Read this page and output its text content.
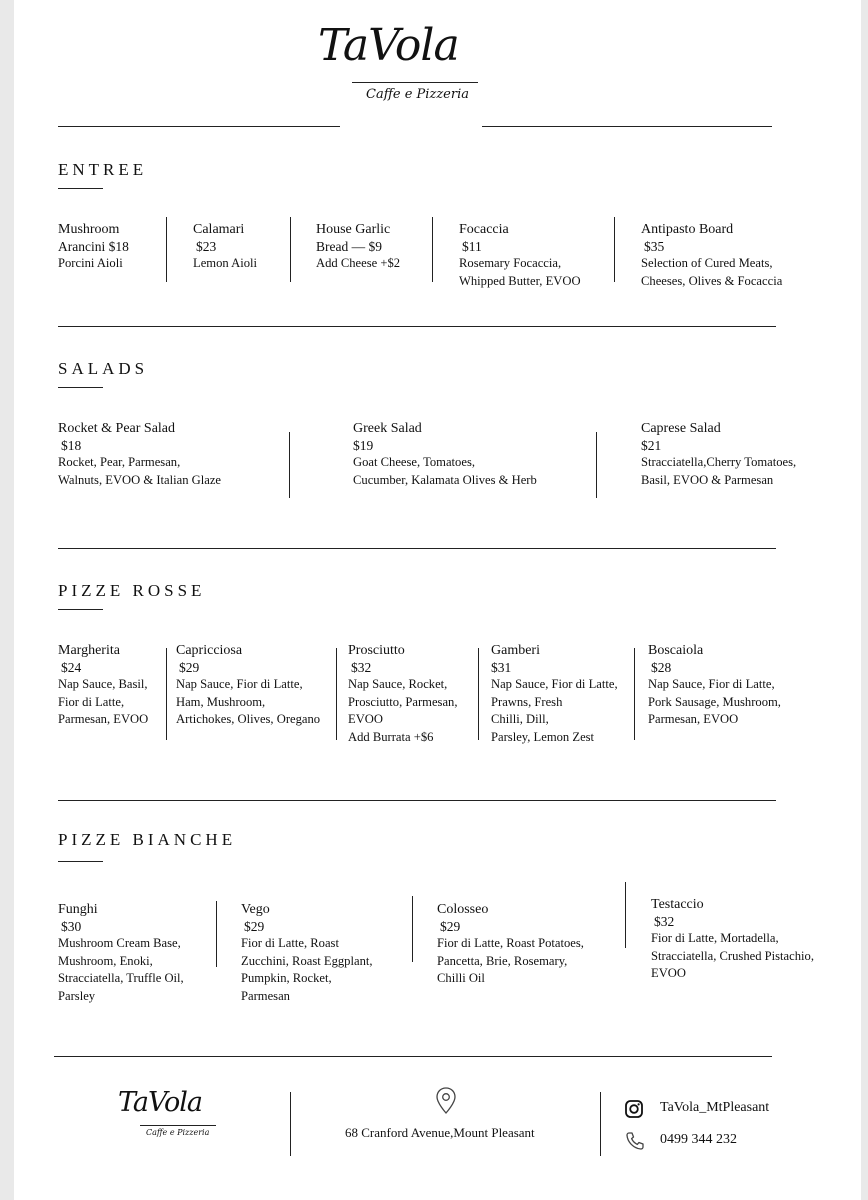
TaVola
Caffe e Pizzeria
ENTREE
Mushroom
Arancini $18
Porcini Aioli
Calamari
$23
Lemon Aioli
House Garlic
Bread — $9
Add Cheese +$2
Focaccia
$11
Rosemary Focaccia,
Whipped Butter, EVOO
Antipasto Board
$35
Selection of Cured Meats,
Cheeses, Olives & Focaccia
SALADS
Rocket & Pear Salad
$18
Rocket, Pear, Parmesan,
Walnuts, EVOO & Italian Glaze
Greek Salad
$19
Goat Cheese, Tomatoes,
Cucumber, Kalamata Olives & Herb
Caprese Salad
$21
Stracciatella,Cherry Tomatoes,
Basil, EVOO & Parmesan
PIZZE ROSSE
Margherita
$24
Nap Sauce, Basil,
Fior di Latte,
Parmesan, EVOO
Capricciosa
$29
Nap Sauce, Fior di Latte,
Ham, Mushroom,
Artichokes, Olives, Oregano
Prosciutto
$32
Nap Sauce, Rocket,
Prosciutto, Parmesan,
EVOO
Add Burrata +$6
Gamberi
$31
Nap Sauce, Fior di Latte,
Prawns, Fresh
Chilli, Dill,
Parsley, Lemon Zest
Boscaiola
$28
Nap Sauce, Fior di Latte,
Pork Sausage, Mushroom,
Parmesan, EVOO
PIZZE BIANCHE
Funghi
$30
Mushroom Cream Base,
Mushroom, Enoki,
Stracciatella, Truffle Oil,
Parsley
Vego
$29
Fior di Latte, Roast
Zucchini, Roast Eggplant,
Pumpkin, Rocket,
Parmesan
Colosseo
$29
Fior di Latte, Roast Potatoes,
Pancetta, Brie, Rosemary,
Chilli Oil
Testaccio
$32
Fior di Latte, Mortadella,
Stracciatella, Crushed Pistachio,
EVOO
TaVola
Caffe e Pizzeria	68 Cranford Avenue,Mount Pleasant
TaVola_MtPleasant
0499 344 232
